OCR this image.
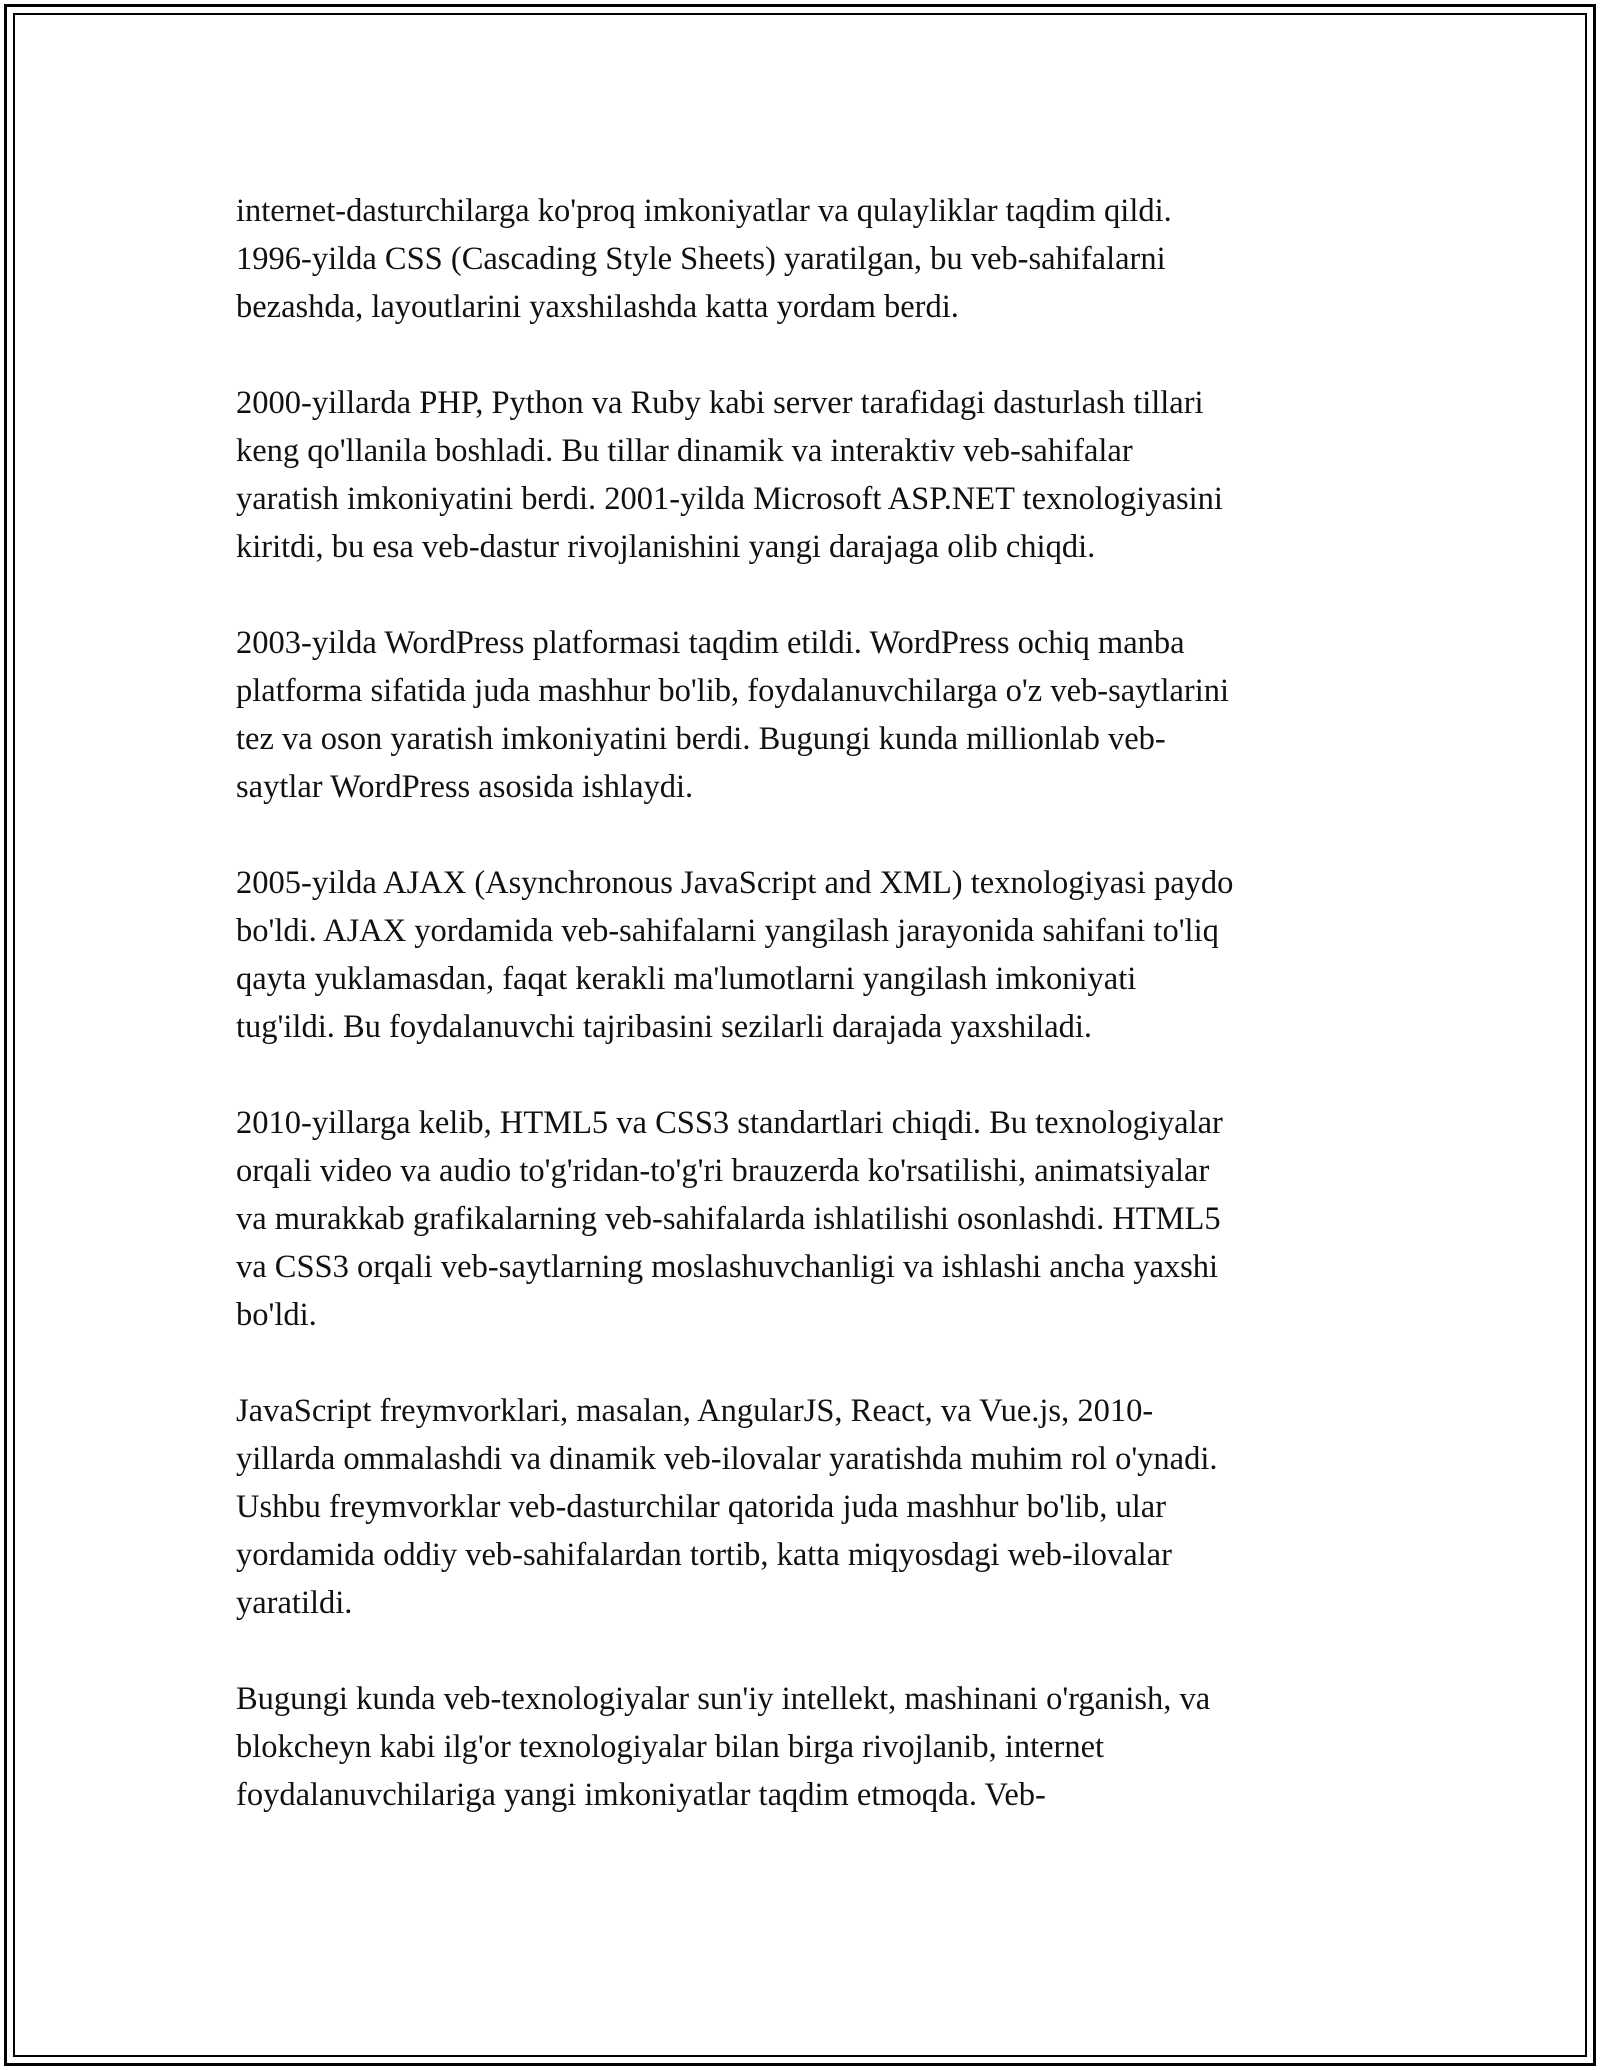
internet-dasturchilarga ko'proq imkoniyatlar va qulayliklar taqdim qildi.
1996-yilda CSS (Cascading Style Sheets) yaratilgan, bu veb-sahifalarni
bezashda, layoutlarini yaxshilashda katta yordam berdi.

2000-yillarda PHP, Python va Ruby kabi server tarafidagi dasturlash tillari
keng qo'llanila boshladi. Bu tillar dinamik va interaktiv veb-sahifalar
yaratish imkoniyatini berdi. 2001-yilda Microsoft ASP.NET texnologiyasini
kiritdi, bu esa veb-dastur rivojlanishini yangi darajaga olib chiqdi.

2003-yilda WordPress platformasi taqdim etildi. WordPress ochiq manba
platforma sifatida juda mashhur bo'lib, foydalanuvchilarga o'z veb-saytlarini
tez va oson yaratish imkoniyatini berdi. Bugungi kunda millionlab veb-
saytlar WordPress asosida ishlaydi.

2005-yilda AJAX (Asynchronous JavaScript and XML) texnologiyasi paydo
bo'ldi. AJAX yordamida veb-sahifalarni yangilash jarayonida sahifani to'liq
qayta yuklamasdan, faqat kerakli ma'lumotlarni yangilash imkoniyati
tug'ildi. Bu foydalanuvchi tajribasini sezilarli darajada yaxshiladi.

2010-yillarga kelib, HTML5 va CSS3 standartlari chiqdi. Bu texnologiyalar
orqali video va audio to'g'ridan-to'g'ri brauzerda ko'rsatilishi, animatsiyalar
va murakkab grafikalarning veb-sahifalarda ishlatilishi osonlashdi. HTML5
va CSS3 orqali veb-saytlarning moslashuvchanligi va ishlashi ancha yaxshi
bo'ldi.

JavaScript freymvorklari, masalan, AngularJS, React, va Vue.js, 2010-
yillarda ommalashdi va dinamik veb-ilovalar yaratishda muhim rol o'ynadi.
Ushbu freymvorklar veb-dasturchilar qatorida juda mashhur bo'lib, ular
yordamida oddiy veb-sahifalardan tortib, katta miqyosdagi web-ilovalar
yaratildi.

Bugungi kunda veb-texnologiyalar sun'iy intellekt, mashinani o'rganish, va
blokcheyn kabi ilg'or texnologiyalar bilan birga rivojlanib, internet
foydalanuvchilariga yangi imkoniyatlar taqdim etmoqda. Veb-
